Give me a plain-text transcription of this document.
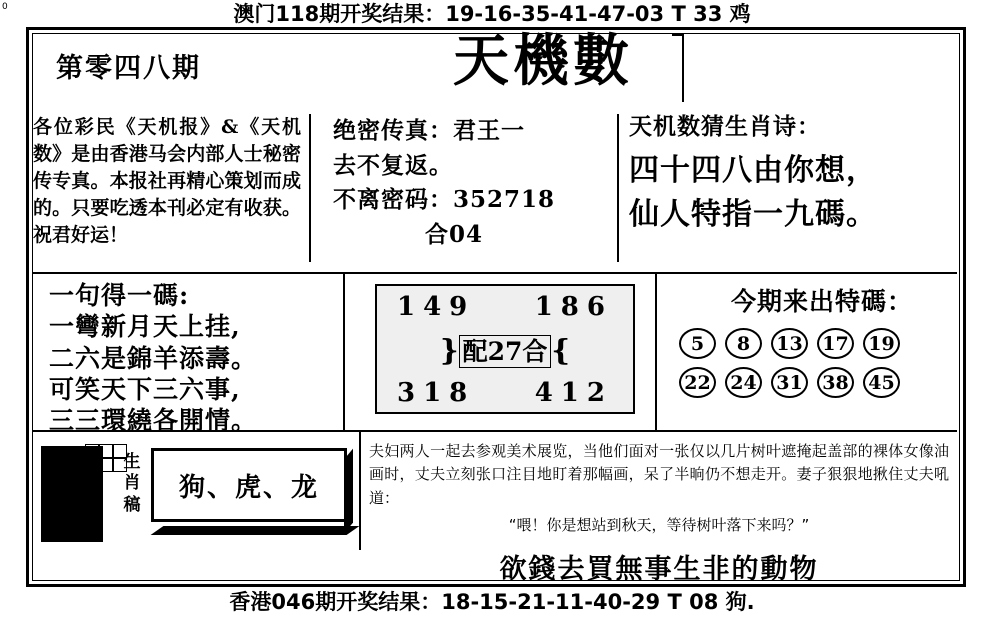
0	澳门118期开奖结果：19-16-35-41-47-03 T 33 鸡
第零四八期	天機數

各位彩民《天机报》&《天机数》是由香港马会内部人士秘密传专真。本报社再精心策划而成的。只要吃透本刊必定有收获。祝君好运！

绝密传真：君王一
去不复返。
不离密码：352718
合04
天机数猜生肖诗：
四十四八由你想，
仙人特指一九碼。
一句得一碼:
一彎新月天上挂,
二六是錦羊添壽。
可笑天下三六事,
三三環繞各開情。
149 186
} 配27合 {
318 412
今期来出特碼：
5	8	13 17 19
22 24 31 38 45
生肖稿
狗、虎、龙

夫妇两人一起去参观美术展览，当他们面对一张仅以几片树叶遮掩起盖部的裸体女像油画时，丈夫立刻张口注目地盯着那幅画，呆了半晌仍不想走开。妻子狠狠地揪住丈夫吼道：

“喂！你是想站到秋天，等待树叶落下来吗？”

欲錢去買無事生非的動物
香港046期开奖结果：18-15-21-11-40-29 T 08 狗.
